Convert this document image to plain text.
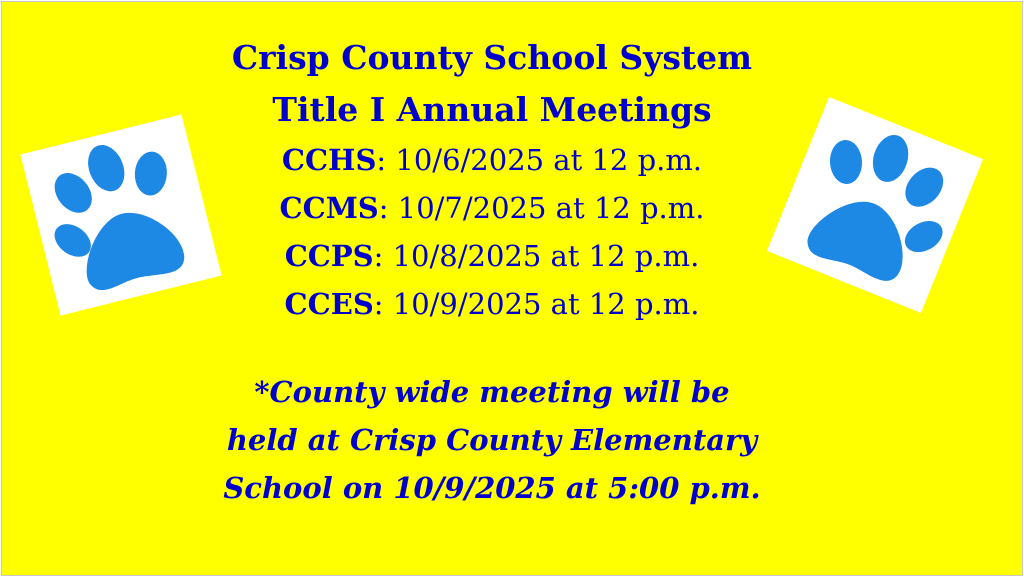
Crisp County School System
Title I Annual Meetings
CCHS: 10/6/2025 at 12 p.m.
CCMS: 10/7/2025 at 12 p.m.
CCPS: 10/8/2025 at 12 p.m.
CCES: 10/9/2025 at 12 p.m.
*County wide meeting will be
held at Crisp County Elementary
School on 10/9/2025 at 5:00 p.m.
